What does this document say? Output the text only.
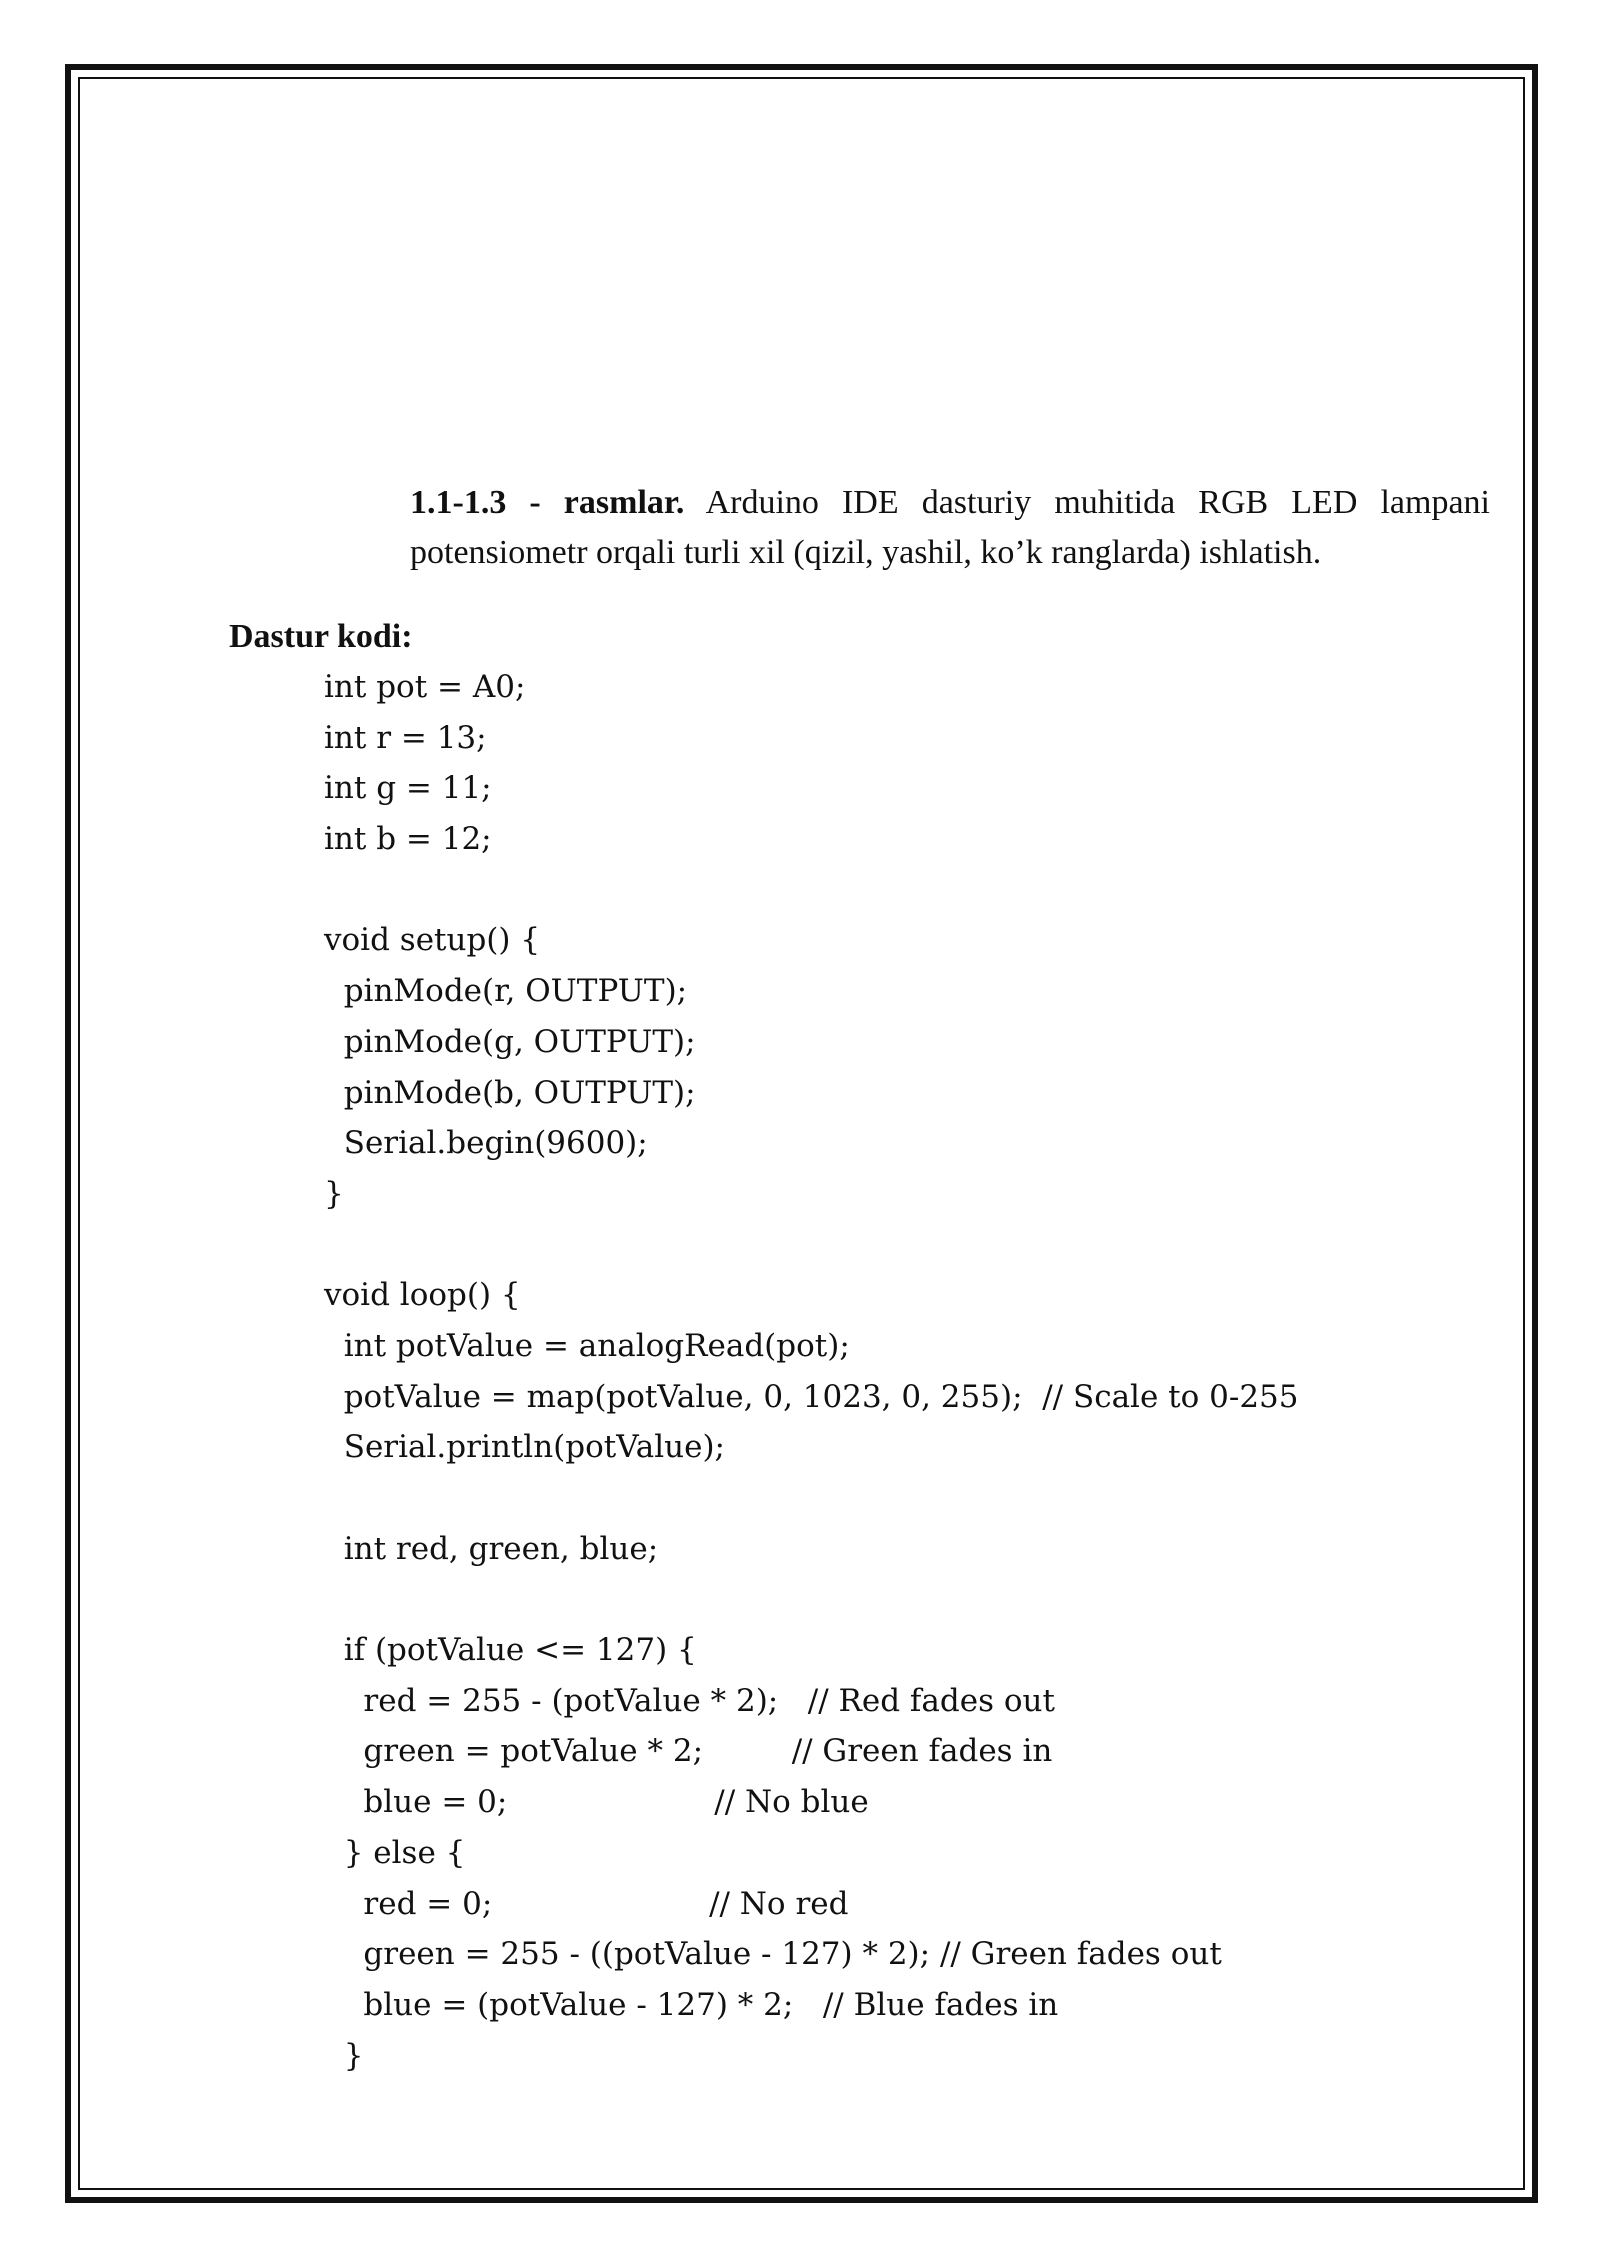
1.1-1.3 - rasmlar. Arduino IDE dasturiy muhitida RGB LED lampani potensiometr orqali turli xil (qizil, yashil, ko’k ranglarda) ishlatish.
Dastur kodi:
int pot = A0;
int r = 13;
int g = 11;
int b = 12;
void setup() {
pinMode(r, OUTPUT);
pinMode(g, OUTPUT);
pinMode(b, OUTPUT);
Serial.begin(9600);
}
void loop() {
int potValue = analogRead(pot);
potValue = map(potValue, 0, 1023, 0, 255);  // Scale to 0-255
Serial.println(potValue);
int red, green, blue;
if (potValue <= 127) {
red = 255 - (potValue * 2);   // Red fades out
green = potValue * 2;         // Green fades in
blue = 0;                     // No blue
} else {
red = 0;                      // No red
green = 255 - ((potValue - 127) * 2); // Green fades out
blue = (potValue - 127) * 2;   // Blue fades in
}
